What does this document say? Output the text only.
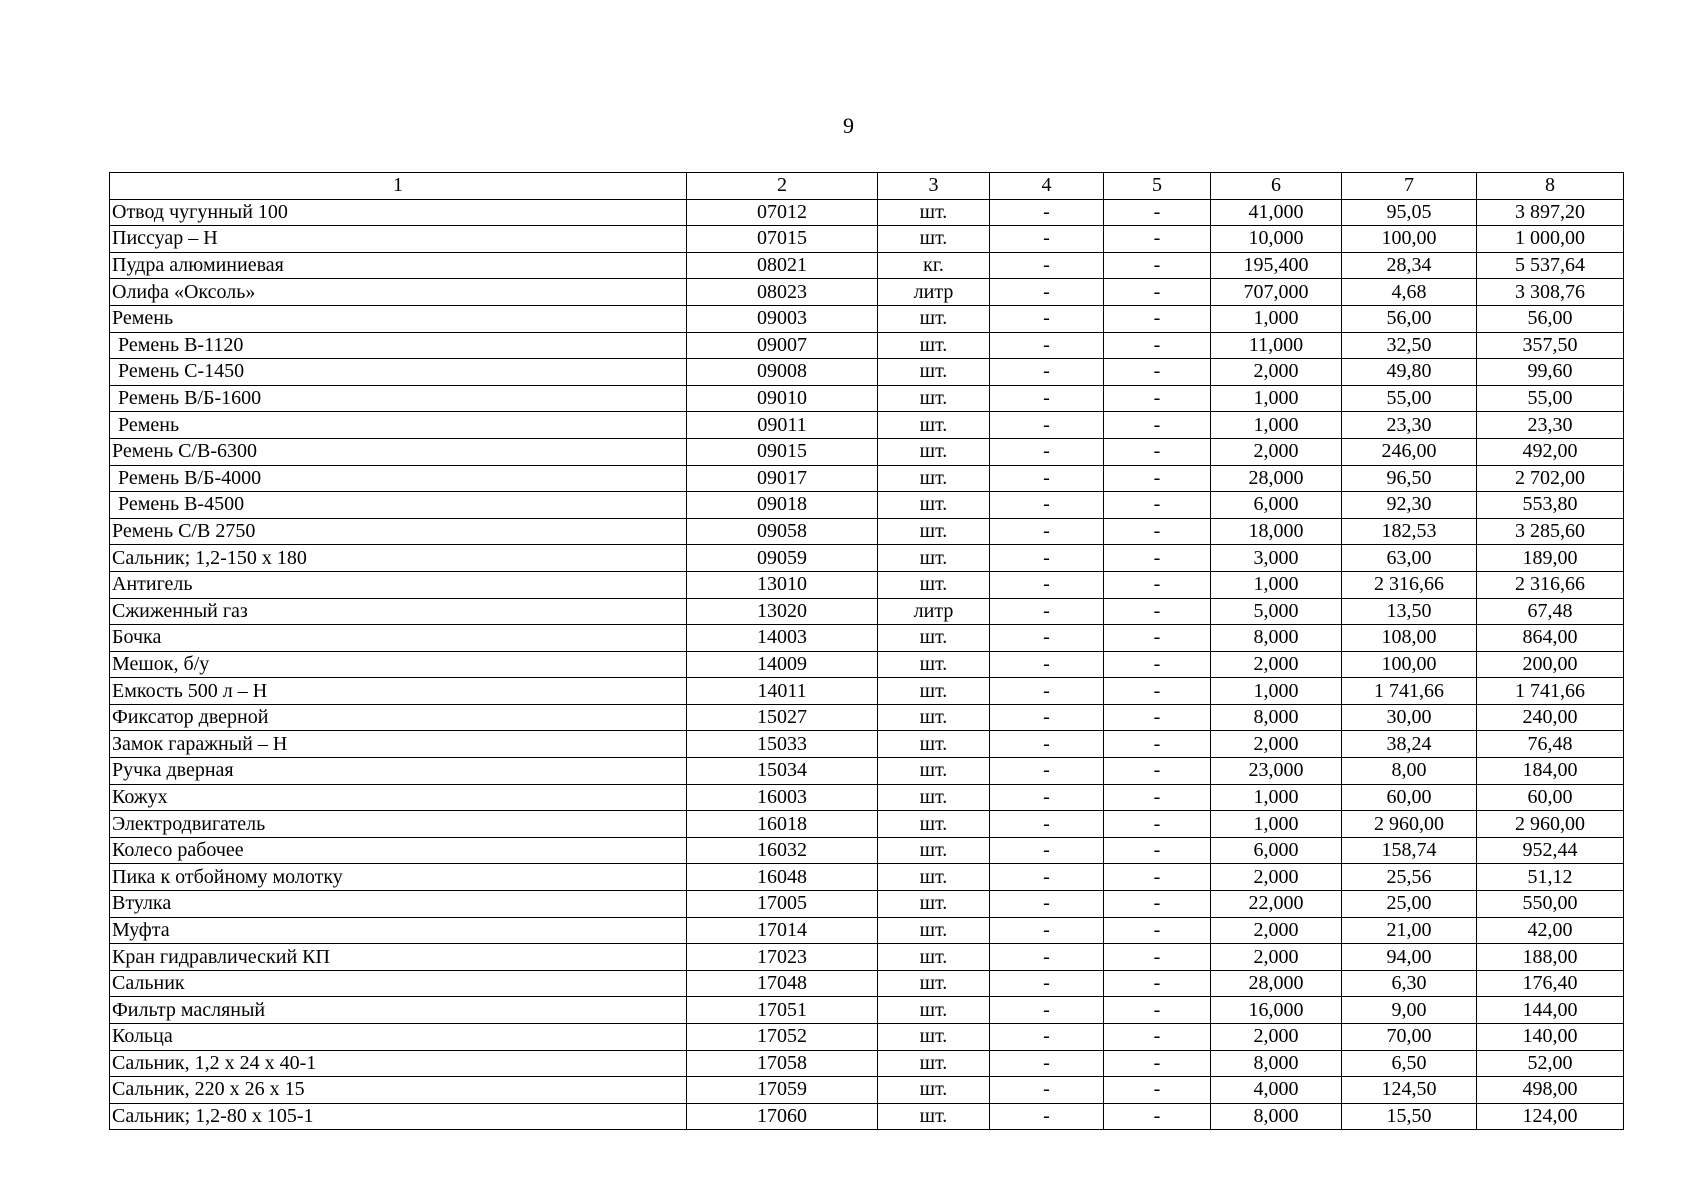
9
1	2	3	4	5	6	7	8
Отвод чугунный 100	07012	шт.	-	-	41,000	95,05	3 897,20
Писсуар – Н	07015	шт.	-	-	10,000	100,00	1 000,00
Пудра алюминиевая	08021	кг.	-	-	195,400	28,34	5 537,64
Олифа «Оксоль»	08023	литр	-	-	707,000	4,68	3 308,76
Ремень	09003	шт.	-	-	1,000	56,00	56,00
Ремень В-1120	09007	шт.	-	-	11,000	32,50	357,50
Ремень С-1450	09008	шт.	-	-	2,000	49,80	99,60
Ремень В/Б-1600	09010	шт.	-	-	1,000	55,00	55,00
Ремень	09011	шт.	-	-	1,000	23,30	23,30
Ремень С/В-6300	09015	шт.	-	-	2,000	246,00	492,00
Ремень В/Б-4000	09017	шт.	-	-	28,000	96,50	2 702,00
Ремень В-4500	09018	шт.	-	-	6,000	92,30	553,80
Ремень С/В 2750	09058	шт.	-	-	18,000	182,53	3 285,60
Сальник; 1,2-150 х 180	09059	шт.	-	-	3,000	63,00	189,00
Антигель	13010	шт.	-	-	1,000	2 316,66	2 316,66
Сжиженный газ	13020	литр	-	-	5,000	13,50	67,48
Бочка	14003	шт.	-	-	8,000	108,00	864,00
Мешок, б/у	14009	шт.	-	-	2,000	100,00	200,00
Емкость 500 л – Н	14011	шт.	-	-	1,000	1 741,66	1 741,66
Фиксатор дверной	15027	шт.	-	-	8,000	30,00	240,00
Замок гаражный – Н	15033	шт.	-	-	2,000	38,24	76,48
Ручка дверная	15034	шт.	-	-	23,000	8,00	184,00
Кожух	16003	шт.	-	-	1,000	60,00	60,00
Электродвигатель	16018	шт.	-	-	1,000	2 960,00	2 960,00
Колесо рабочее	16032	шт.	-	-	6,000	158,74	952,44
Пика к отбойному молотку	16048	шт.	-	-	2,000	25,56	51,12
Втулка	17005	шт.	-	-	22,000	25,00	550,00
Муфта	17014	шт.	-	-	2,000	21,00	42,00
Кран гидравлический КП	17023	шт.	-	-	2,000	94,00	188,00
Сальник	17048	шт.	-	-	28,000	6,30	176,40
Фильтр масляный	17051	шт.	-	-	16,000	9,00	144,00
Кольца	17052	шт.	-	-	2,000	70,00	140,00
Сальник, 1,2 х 24 х 40-1	17058	шт.	-	-	8,000	6,50	52,00
Сальник, 220 х 26 х 15	17059	шт.	-	-	4,000	124,50	498,00
Сальник; 1,2-80 х 105-1	17060	шт.	-	-	8,000	15,50	124,00
